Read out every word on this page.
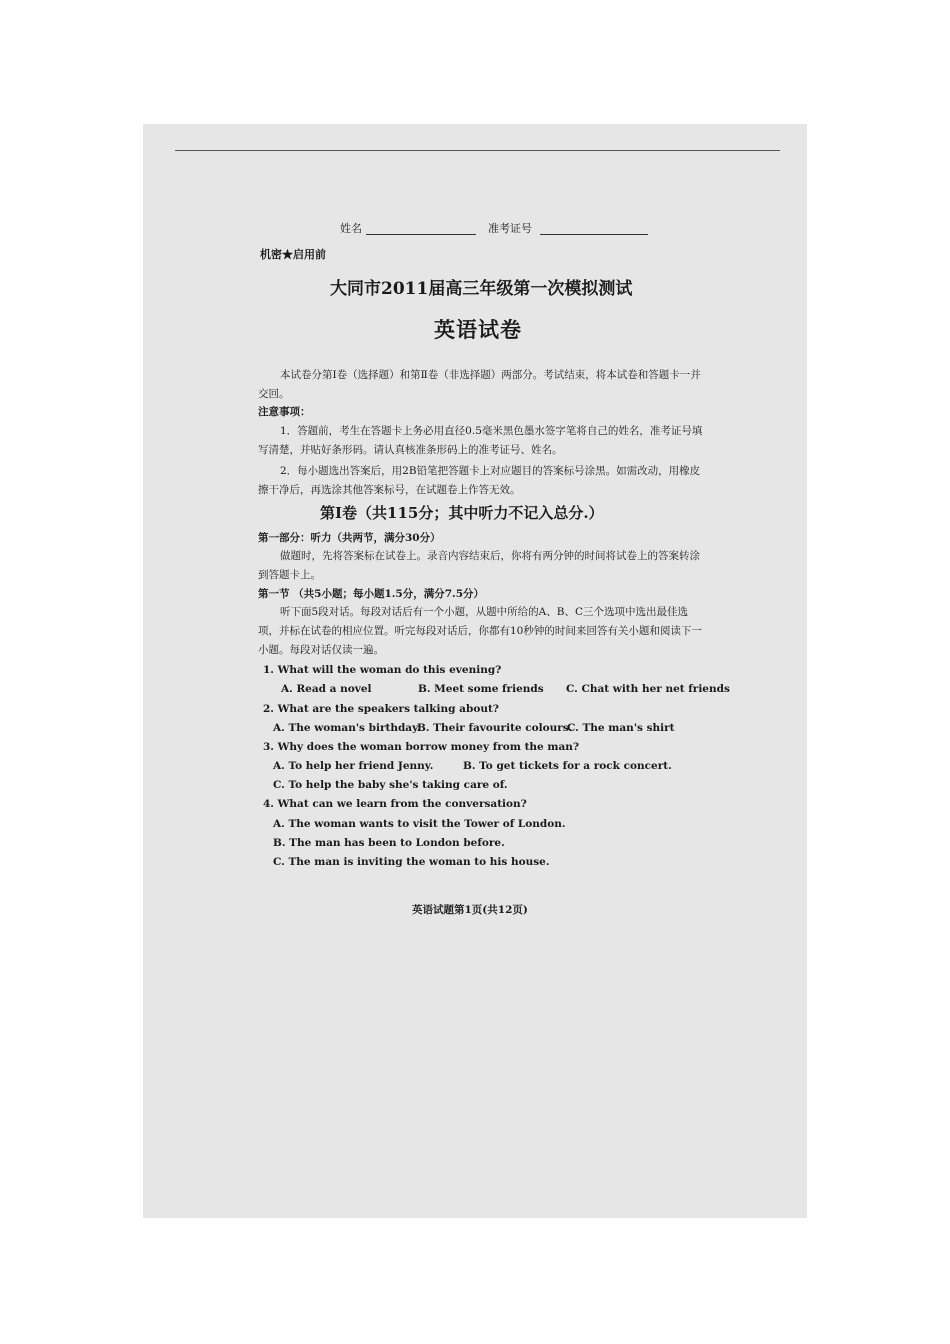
姓名	准考证号
机密★启用前
大同市2011届高三年级第一次模拟测试
英语试卷
本试卷分第Ⅰ卷（选择题）和第Ⅱ卷（非选择题）两部分。考试结束，将本试卷和答题卡一并交回。
注意事项：
1．答题前，考生在答题卡上务必用直径0.5毫米黑色墨水签字笔将自己的姓名，准考证号填写清楚，并贴好条形码。请认真核准条形码上的准考证号、姓名。
2．每小题选出答案后，用2B铅笔把答题卡上对应题目的答案标号涂黑。如需改动，用橡皮擦干净后，再选涂其他答案标号，在试题卷上作答无效。
第Ⅰ卷（共115分；其中听力不记入总分.）
第一部分：听力（共两节，满分30分）
做题时，先将答案标在试卷上。录音内容结束后，你将有两分钟的时间将试卷上的答案转涂到答题卡上。
第一节 （共5小题；每小题1.5分，满分7.5分）
听下面5段对话。每段对话后有一个小题，从题中所给的A、B、C三个选项中选出最佳选项，并标在试卷的相应位置。听完每段对话后，你都有10秒钟的时间来回答有关小题和阅读下一小题。每段对话仅读一遍。
1. What will the woman do this evening?
A. Read a novel	B. Meet some friends C. Chat with her net friends
2. What are the speakers talking about?
A. The woman's birthday.
B. Their favourite colours.
C. The man's shirt
3. Why does the woman borrow money from the man?
A. To help her friend Jenny.	B. To get tickets for a rock concert.
C. To help the baby she's taking care of.
4. What can we learn from the conversation?
A. The woman wants to visit the Tower of London.
B. The man has been to London before.
C. The man is inviting the woman to his house.
英语试题第1页(共12页)
